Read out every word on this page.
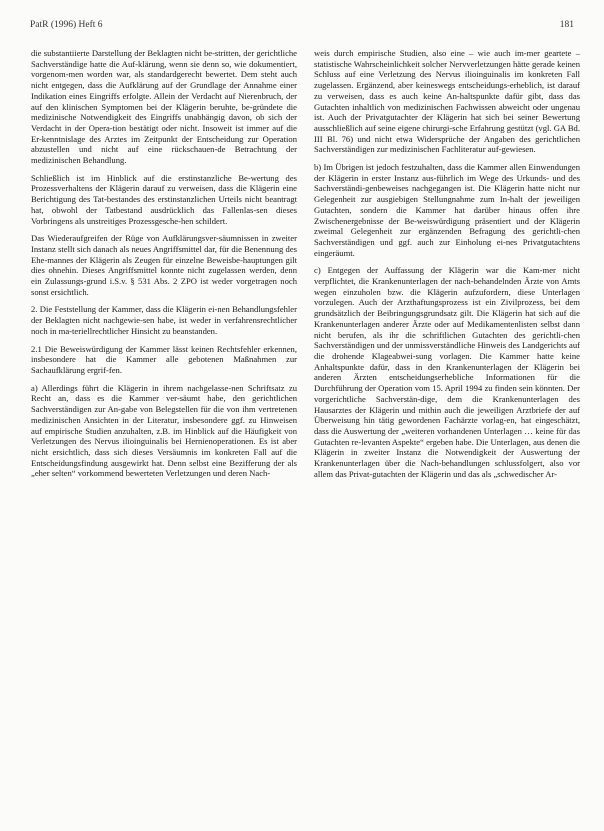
PatR (1996) Heft 6	181

die substantiierte Darstellung der Beklagten nicht be-stritten, der gerichtliche Sachverständige hatte die Auf-klärung, wenn sie denn so, wie dokumentiert, vorgenom-men worden war, als standardgerecht bewertet. Dem steht auch nicht entgegen, dass die Aufklärung auf der Grundlage der Annahme einer Indikation eines Eingriffs erfolgte. Allein der Verdacht auf Nierenbruch, der auf den klinischen Symptomen bei der Klägerin beruhte, be-gründete die medizinische Notwendigkeit des Eingriffs unabhängig davon, ob sich der Verdacht in der Opera-tion bestätigt oder nicht. Insoweit ist immer auf die Er-kenntnislage des Arztes im Zeitpunkt der Entscheidung zur Operation abzustellen und nicht auf eine rückschauen-de Betrachtung der medizinischen Behandlung.

Schließlich ist im Hinblick auf die erstinstanzliche Be-wertung des Prozessverhaltens der Klägerin darauf zu verweisen, dass die Klägerin eine Berichtigung des Tat-bestandes des erstinstanzlichen Urteils nicht beantragt hat, obwohl der Tatbestand ausdrücklich das Fallenlas-sen dieses Vorbringens als unstreitiges Prozessgesche-hen schildert.

Das Wiederaufgreifen der Rüge von Aufklärungsver-säumnissen in zweiter Instanz stellt sich danach als neues Angriffsmittel dar, für die Benennung des Ehe-mannes der Klägerin als Zeugen für einzelne Beweisbe-hauptungen gilt dies ohnehin. Dieses Angriffsmittel konnte nicht zugelassen werden, denn ein Zulassungs-grund i.S.v. § 531 Abs. 2 ZPO ist weder vorgetragen noch sonst ersichtlich.

2. Die Feststellung der Kammer, dass die Klägerin ei-nen Behandlungsfehler der Beklagten nicht nachgewie-sen habe, ist weder in verfahrensrechtlicher noch in ma-teriellrechtlicher Hinsicht zu beanstanden.

2.1 Die Beweiswürdigung der Kammer lässt keinen Rechtsfehler erkennen, insbesondere hat die Kammer alle gebotenen Maßnahmen zur Sachaufklärung ergrif-fen.

a) Allerdings führt die Klägerin in ihrem nachgelasse-nen Schriftsatz zu Recht an, dass es die Kammer ver-säumt habe, den gerichtlichen Sachverständigen zur An-gabe von Belegstellen für die von ihm vertretenen medizinischen Ansichten in der Literatur, insbesondere ggf. zu Hinweisen auf empirische Studien anzuhalten, z.B. im Hinblick auf die Häufigkeit von Verletzungen des Nervus ilioinguinalis bei Hernienoperationen. Es ist aber nicht ersichtlich, dass sich dieses Versäumnis im konkreten Fall auf die Entscheidungsfindung ausgewirkt hat. Denn selbst eine Bezifferung der als „eher selten“ vorkommend bewerteten Verletzungen und deren Nach-

weis durch empirische Studien, also eine – wie auch im-mer geartete – statistische Wahrscheinlichkeit solcher Nervverletzungen hätte gerade keinen Schluss auf eine Verletzung des Nervus ilioinguinalis im konkreten Fall zugelassen. Ergänzend, aber keineswegs entscheidungs-erheblich, ist darauf zu verweisen, dass es auch keine An-haltspunkte dafür gibt, dass das Gutachten inhaltlich von medizinischen Fachwissen abweicht oder ungenau ist. Auch der Privatgutachter der Klägerin hat sich bei seiner Bewertung ausschließlich auf seine eigene chirurgi-sche Erfahrung gestützt (vgl. GA Bd. III Bl. 76) und nicht etwa Widersprüche der Angaben des gerichtlichen Sachverständigen zur medizinischen Fachliteratur auf-gewiesen.

b) Im Übrigen ist jedoch festzuhalten, dass die Kammer allen Einwendungen der Klägerin in erster Instanz aus-führlich im Wege des Urkunds- und des Sachverständi-genbeweises nachgegangen ist. Die Klägerin hatte nicht nur Gelegenheit zur ausgiebigen Stellungnahme zum In-halt der jeweiligen Gutachten, sondern die Kammer hat darüber hinaus offen ihre Zwischenergebnisse der Be-weiswürdigung präsentiert und der Klägerin zweimal Gelegenheit zur ergänzenden Befragung des gerichtli-chen Sachverständigen und ggf. auch zur Einholung ei-nes Privatgutachtens eingeräumt.

c) Entgegen der Auffassung der Klägerin war die Kam-mer nicht verpflichtet, die Krankenunterlagen der nach-behandelnden Ärzte von Amts wegen einzuholen bzw. die Klägerin aufzufordern, diese Unterlagen vorzulegen. Auch der Arzthaftungsprozess ist ein Zivilprozess, bei dem grundsätzlich der Beibringungsgrundsatz gilt. Die Klägerin hat sich auf die Krankenunterlagen anderer Ärzte oder auf Medikamentenlisten selbst dann nicht berufen, als ihr die schriftlichen Gutachten des gerichtli-chen Sachverständigen und der unmissverständliche Hinweis des Landgerichts auf die drohende Klageabwei-sung vorlagen. Die Kammer hatte keine Anhaltspunkte dafür, dass in den Krankenunterlagen der Klägerin bei anderen Ärzten entscheidungserhebliche Informationen für die Durchführung der Operation vom 15. April 1994 zu finden sein könnten. Der vorgerichtliche Sachverstän-dige, dem die Krankenunterlagen des Hausarztes der Klägerin und mithin auch die jeweiligen Arztbriefe der auf Überweisung hin tätig gewordenen Fachärzte vorlag-en, hat eingeschätzt, dass die Auswertung der „weiteren vorhandenen Unterlagen … keine für das Gutachten re-levanten Aspekte“ ergeben habe. Die Unterlagen, aus denen die Klägerin in zweiter Instanz die Notwendigkeit der Auswertung der Krankenunterlagen über die Nach-behandlungen schlussfolgert, also vor allem das Privat-gutachten der Klägerin und das als „schwedischer Ar-
